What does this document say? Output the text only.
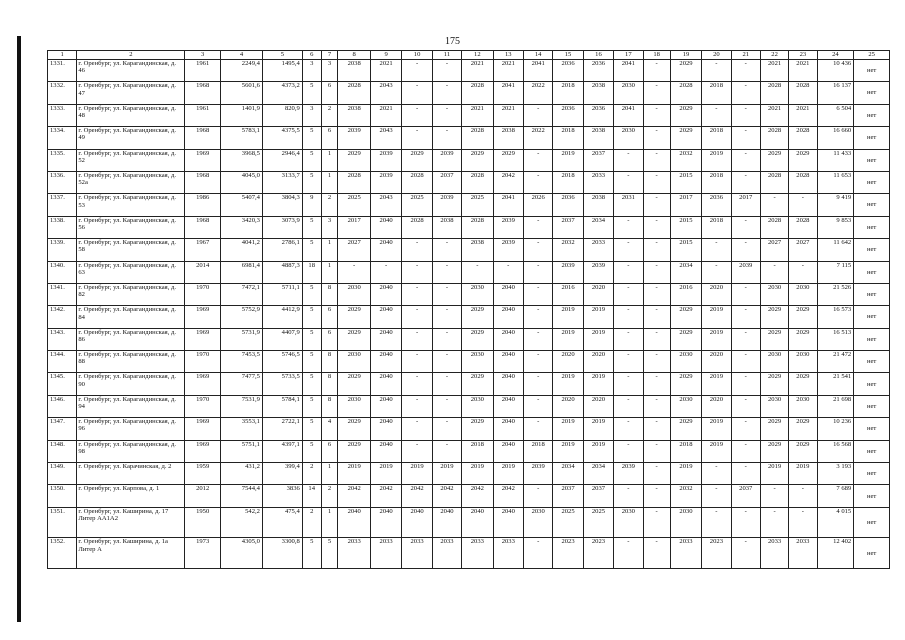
175
1	2	3	4	5	6	7	8	9	10	11	12	13	14	15	16	17	18	19	20	21	22	23	24	25
1331.	г. Оренбург, ул. Карагандинская, д. 46	1961	2249,4	1495,4	3	3	2038	2021	-	-	2021	2021	2041	2036	2036	2041	-	2029	-	-	2021	2021	10 436	нет
1332.	г. Оренбург, ул. Карагандинская, д. 47	1968	5601,6	4373,2	5	6	2028	2043	-	-	2028	2041	2022	2018	2038	2030	-	2028	2018	-	2028	2028	16 137	нет
1333.	г. Оренбург, ул. Карагандинская, д. 48	1961	1401,9	820,9	3	2	2038	2021	-	-	2021	2021	-	2036	2036	2041	-	2029	-	-	2021	2021	6 504	нет
1334.	г. Оренбург, ул. Карагандинская, д. 49	1968	5783,1	4375,5	5	6	2039	2043	-	-	2028	2038	2022	2018	2038	2030	-	2029	2018	-	2028	2028	16 660	нет
1335.	г. Оренбург, ул. Карагандинская, д. 52	1969	3968,5	2946,4	5	1	2029	2039	2029	2039	2029	2029	-	2019	2037	-	-	2032	2019	-	2029	2029	11 433	нет
1336.	г. Оренбург, ул. Карагандинская, д. 52а	1968	4045,0	3133,7	5	1	2028	2039	2028	2037	2028	2042	-	2018	2033	-	-	2015	2018	-	2028	2028	11 653	нет
1337.	г. Оренбург, ул. Карагандинская, д. 53	1986	5407,4	3804,3	9	2	2025	2043	2025	2039	2025	2041	2026	2036	2038	2031	-	2017	2036	2017	-	-	9 419	нет
1338.	г. Оренбург, ул. Карагандинская, д. 56	1968	3420,3	3073,9	5	3	2017	2040	2028	2038	2028	2039	-	2037	2034	-	-	2015	2018	-	2028	2028	9 853	нет
1339.	г. Оренбург, ул. Карагандинская, д. 58	1967	4041,2	2786,1	5	1	2027	2040	-	-	2038	2039	-	2032	2033	-	-	2015	-	-	2027	2027	11 642	нет
1340.	г. Оренбург, ул. Карагандинская, д. 63	2014	6981,4	4887,3	18	1	-	-	-	-	-	-	-	2039	2039	-	-	2034	-	2039	-	-	7 115	нет
1341.	г. Оренбург, ул. Карагандинская, д. 82	1970	7472,1	5711,1	5	8	2030	2040	-	-	2030	2040	-	2016	2020	-	-	2016	2020	-	2030	2030	21 526	нет
1342.	г. Оренбург, ул. Карагандинская, д. 84	1969	5752,9	4412,9	5	6	2029	2040	-	-	2029	2040	-	2019	2019	-	-	2029	2019	-	2029	2029	16 573	нет
1343.	г. Оренбург, ул. Карагандинская, д. 86	1969	5731,9	4407,9	5	6	2029	2040	-	-	2029	2040	-	2019	2019	-	-	2029	2019	-	2029	2029	16 513	нет
1344.	г. Оренбург, ул. Карагандинская, д. 88	1970	7453,5	5746,5	5	8	2030	2040	-	-	2030	2040	-	2020	2020	-	-	2030	2020	-	2030	2030	21 472	нет
1345.	г. Оренбург, ул. Карагандинская, д. 90	1969	7477,5	5733,5	5	8	2029	2040	-	-	2029	2040	-	2019	2019	-	-	2029	2019	-	2029	2029	21 541	нет
1346.	г. Оренбург, ул. Карагандинская, д. 94	1970	7531,9	5784,1	5	8	2030	2040	-	-	2030	2040	-	2020	2020	-	-	2030	2020	-	2030	2030	21 698	нет
1347.	г. Оренбург, ул. Карагандинская, д. 96	1969	3553,1	2722,1	5	4	2029	2040	-	-	2029	2040	-	2019	2019	-	-	2029	2019	-	2029	2029	10 236	нет
1348.	г. Оренбург, ул. Карагандинская, д. 98	1969	5751,1	4397,1	5	6	2029	2040	-	-	2018	2040	2018	2019	2019	-	-	2018	2019	-	2029	2029	16 568	нет
1349.	г. Оренбург, ул. Карачинская, д. 2	1959	431,2	399,4	2	1	2019	2019	2019	2019	2019	2019	2039	2034	2034	2039	-	2019	-	-	2019	2019	3 193	нет
1350.	г. Оренбург, ул. Карпова, д. 1	2012	7544,4	3836	14	2	2042	2042	2042	2042	2042	2042	-	2037	2037	-	-	2032	-	2037	-	-	7 689	нет
1351.	г. Оренбург, ул. Каширина, д. 17 Литер АА1А2	1950	542,2	475,4	2	1	2040	2040	2040	2040	2040	2040	2030	2025	2025	2030	-	2030	-	-	-	-	4 015	нет
1352.	г. Оренбург, ул. Каширина, д. 1а Литер А	1973	4305,0	3300,8	5	5	2033	2033	2033	2033	2033	2033	-	2023	2023	-	-	2033	2023	-	2033	2033	12 402	нет
